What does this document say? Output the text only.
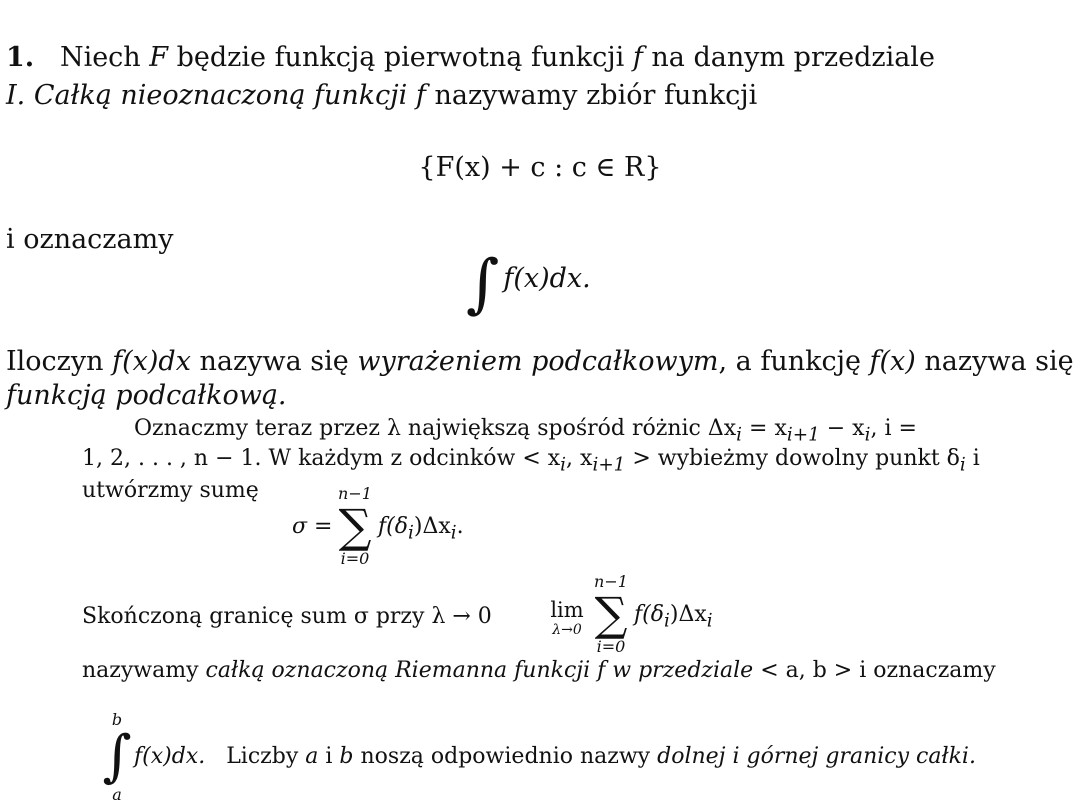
1. Niech F będzie funkcją pierwotną funkcji f na danym przedziale
I. Całką nieoznaczoną funkcji f nazywamy zbiór funkcji
{F(x) + c : c ∈ R}
i oznaczamy
∫ f(x)dx.
Iloczyn f(x)dx nazywa się wyrażeniem podcałkowym, a funkcję f(x) nazywa się
funkcją podcałkową.
Oznaczmy teraz przez λ największą spośród różnic $\Delta x_i = x_{i+1} - x_i$, i =
1, 2, . . . , n − 1. W każdym z odcinków < $x_i$, $x_{i+1}$ > wybieżmy dowolny punkt $\delta_i$ i
utwórzmy sumę
σ =
n−1
∑
i=0
$f(\delta_i)\Delta x_i$.
Skończoną granicę sum σ przy λ → 0	lim
λ→0
n−1
∑
i=0
$f(\delta_i)\Delta x_i$
nazywamy całką oznaczoną Riemanna funkcji f w przedziale < a, b > i oznaczamy
b
∫
a
f(x)dx. Liczby a i b noszą odpowiednio nazwy dolnej i górnej granicy całki.
